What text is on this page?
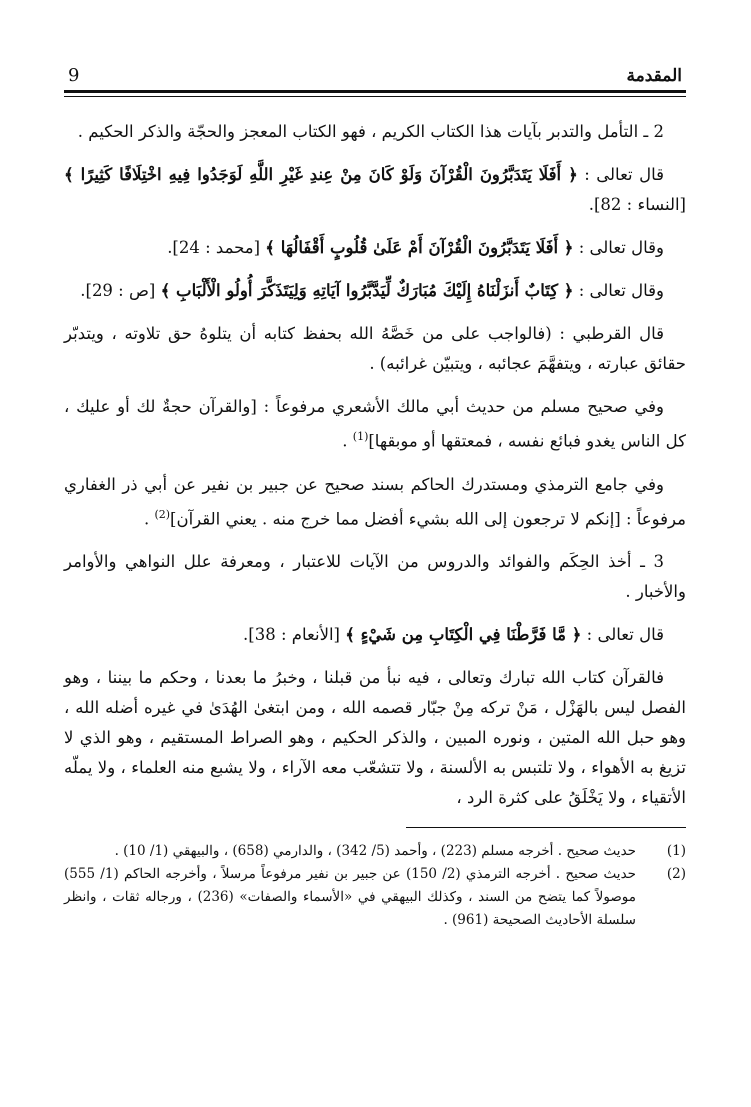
المقدمة
9

2 ـ التأمل والتدبر بآيات هذا الكتاب الكريم ، فهو الكتاب المعجز والحجّة والذكر الحكيم .

قال تعالى : ﴿ أَفَلَا يَتَدَبَّرُونَ الْقُرْآنَ وَلَوْ كَانَ مِنْ عِندِ غَيْرِ اللَّهِ لَوَجَدُوا فِيهِ اخْتِلَافًا كَثِيرًا ﴾ [النساء : 82].

وقال تعالى : ﴿ أَفَلَا يَتَدَبَّرُونَ الْقُرْآنَ أَمْ عَلَىٰ قُلُوبٍ أَقْفَالُهَا ﴾ [محمد : 24].

وقال تعالى : ﴿ كِتَابٌ أَنزَلْنَاهُ إِلَيْكَ مُبَارَكٌ لِّيَدَّبَّرُوا آيَاتِهِ وَلِيَتَذَكَّرَ أُولُو الْأَلْبَابِ ﴾ [ص : 29].

قال القرطبي : (فالواجب على من خَصَّهُ الله بحفظ كتابه أن يتلوهُ حق تلاوته ، ويتدبّر حقائق عبارته ، ويتفهَّمَ عجائبه ، ويتبيّن غرائبه) .

وفي صحيح مسلم من حديث أبي مالك الأشعري مرفوعاً : [والقرآن حجةٌ لك أو عليك ، كل الناس يغدو فبائع نفسه ، فمعتقها أو موبقها]$^{(1)}$ .

وفي جامع الترمذي ومستدرك الحاكم بسند صحيح عن جبير بن نفير عن أبي ذر الغفاري مرفوعاً : [إنكم لا ترجعون إلى الله بشيء أفضل مما خرج منه . يعني القرآن]$^{(2)}$ .

3 ـ أخذ الحِكَم والفوائد والدروس من الآيات للاعتبار ، ومعرفة علل النواهي والأوامر والأخبار .

قال تعالى : ﴿ مَّا فَرَّطْنَا فِي الْكِتَابِ مِن شَيْءٍ ﴾ [الأنعام : 38].

فالقرآن كتاب الله تبارك وتعالى ، فيه نبأ من قبلنا ، وخبرُ ما بعدنا ، وحكم ما بيننا ، وهو الفصل ليس بالهَزْل ، مَنْ تركه مِنْ جبّار قصمه الله ، ومن ابتغىٰ الهُدَىٰ في غيره أضله الله ، وهو حبل الله المتين ، ونوره المبين ، والذكر الحكيم ، وهو الصراط المستقيم ، وهو الذي لا تزيغ به الأهواء ، ولا تلتبس به الألسنة ، ولا تتشعّب معه الآراء ، ولا يشبع منه العلماء ، ولا يملّه الأتقياء ، ولا يَخْلَقُ على كثرة الرد ،

(1)
حديث صحيح . أخرجه مسلم (223) ، وأحمد (5/ 342) ، والدارمي (658) ، والبيهقي (1/ 10) .
(2)
حديث صحيح . أخرجه الترمذي (2/ 150) عن جبير بن نفير مرفوعاً مرسلاً ، وأخرجه الحاكم (1/ 555) موصولاً كما يتضح من السند ، وكذلك البيهقي في «الأسماء والصفات» (236) ، ورجاله ثقات ، وانظر سلسلة الأحاديث الصحيحة (961) .
